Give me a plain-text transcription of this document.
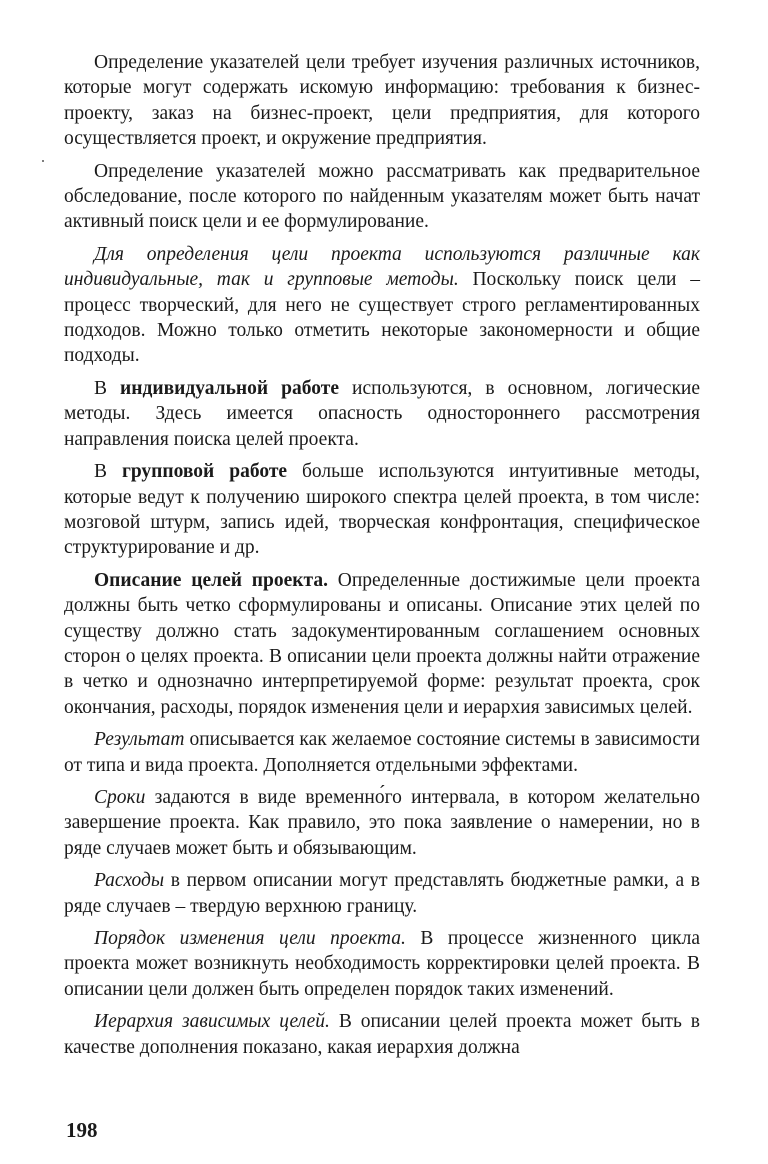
Определение указателей цели требует изучения различных источников, которые могут содержать искомую информацию: требования к бизнес-проекту, заказ на бизнес-проект, цели предприятия, для которого осуществляется проект, и окружение предприятия.

Определение указателей можно рассматривать как предварительное обследование, после которого по найденным указателям может быть начат активный поиск цели и ее формулирование.

Для определения цели проекта используются различные как индивидуальные, так и групповые методы. Поскольку поиск цели – процесс творческий, для него не существует строго регламентированных подходов. Можно только отметить некоторые закономерности и общие подходы.

В индивидуальной работе используются, в основном, логические методы. Здесь имеется опасность одностороннего рассмотрения направления поиска целей проекта.

В групповой работе больше используются интуитивные методы, которые ведут к получению широкого спектра целей проекта, в том числе: мозговой штурм, запись идей, творческая конфронтация, специфическое структурирование и др.

Описание целей проекта. Определенные достижимые цели проекта должны быть четко сформулированы и описаны. Описание этих целей по существу должно стать задокументированным соглашением основных сторон о целях проекта. В описании цели проекта должны найти отражение в четко и однозначно интерпретируемой форме: результат проекта, срок окончания, расходы, порядок изменения цели и иерархия зависимых целей.

Результат описывается как желаемое состояние системы в зависимости от типа и вида проекта. Дополняется отдельными эффектами.

Сроки задаются в виде временно́го интервала, в котором желательно завершение проекта. Как правило, это пока заявление о намерении, но в ряде случаев может быть и обязывающим.

Расходы в первом описании могут представлять бюджетные рамки, а в ряде случаев – твердую верхнюю границу.

Порядок изменения цели проекта. В процессе жизненного цикла проекта может возникнуть необходимость корректировки целей проекта. В описании цели должен быть определен порядок таких изменений.

Иерархия зависимых целей. В описании целей проекта может быть в качестве дополнения показано, какая иерархия должна

198
